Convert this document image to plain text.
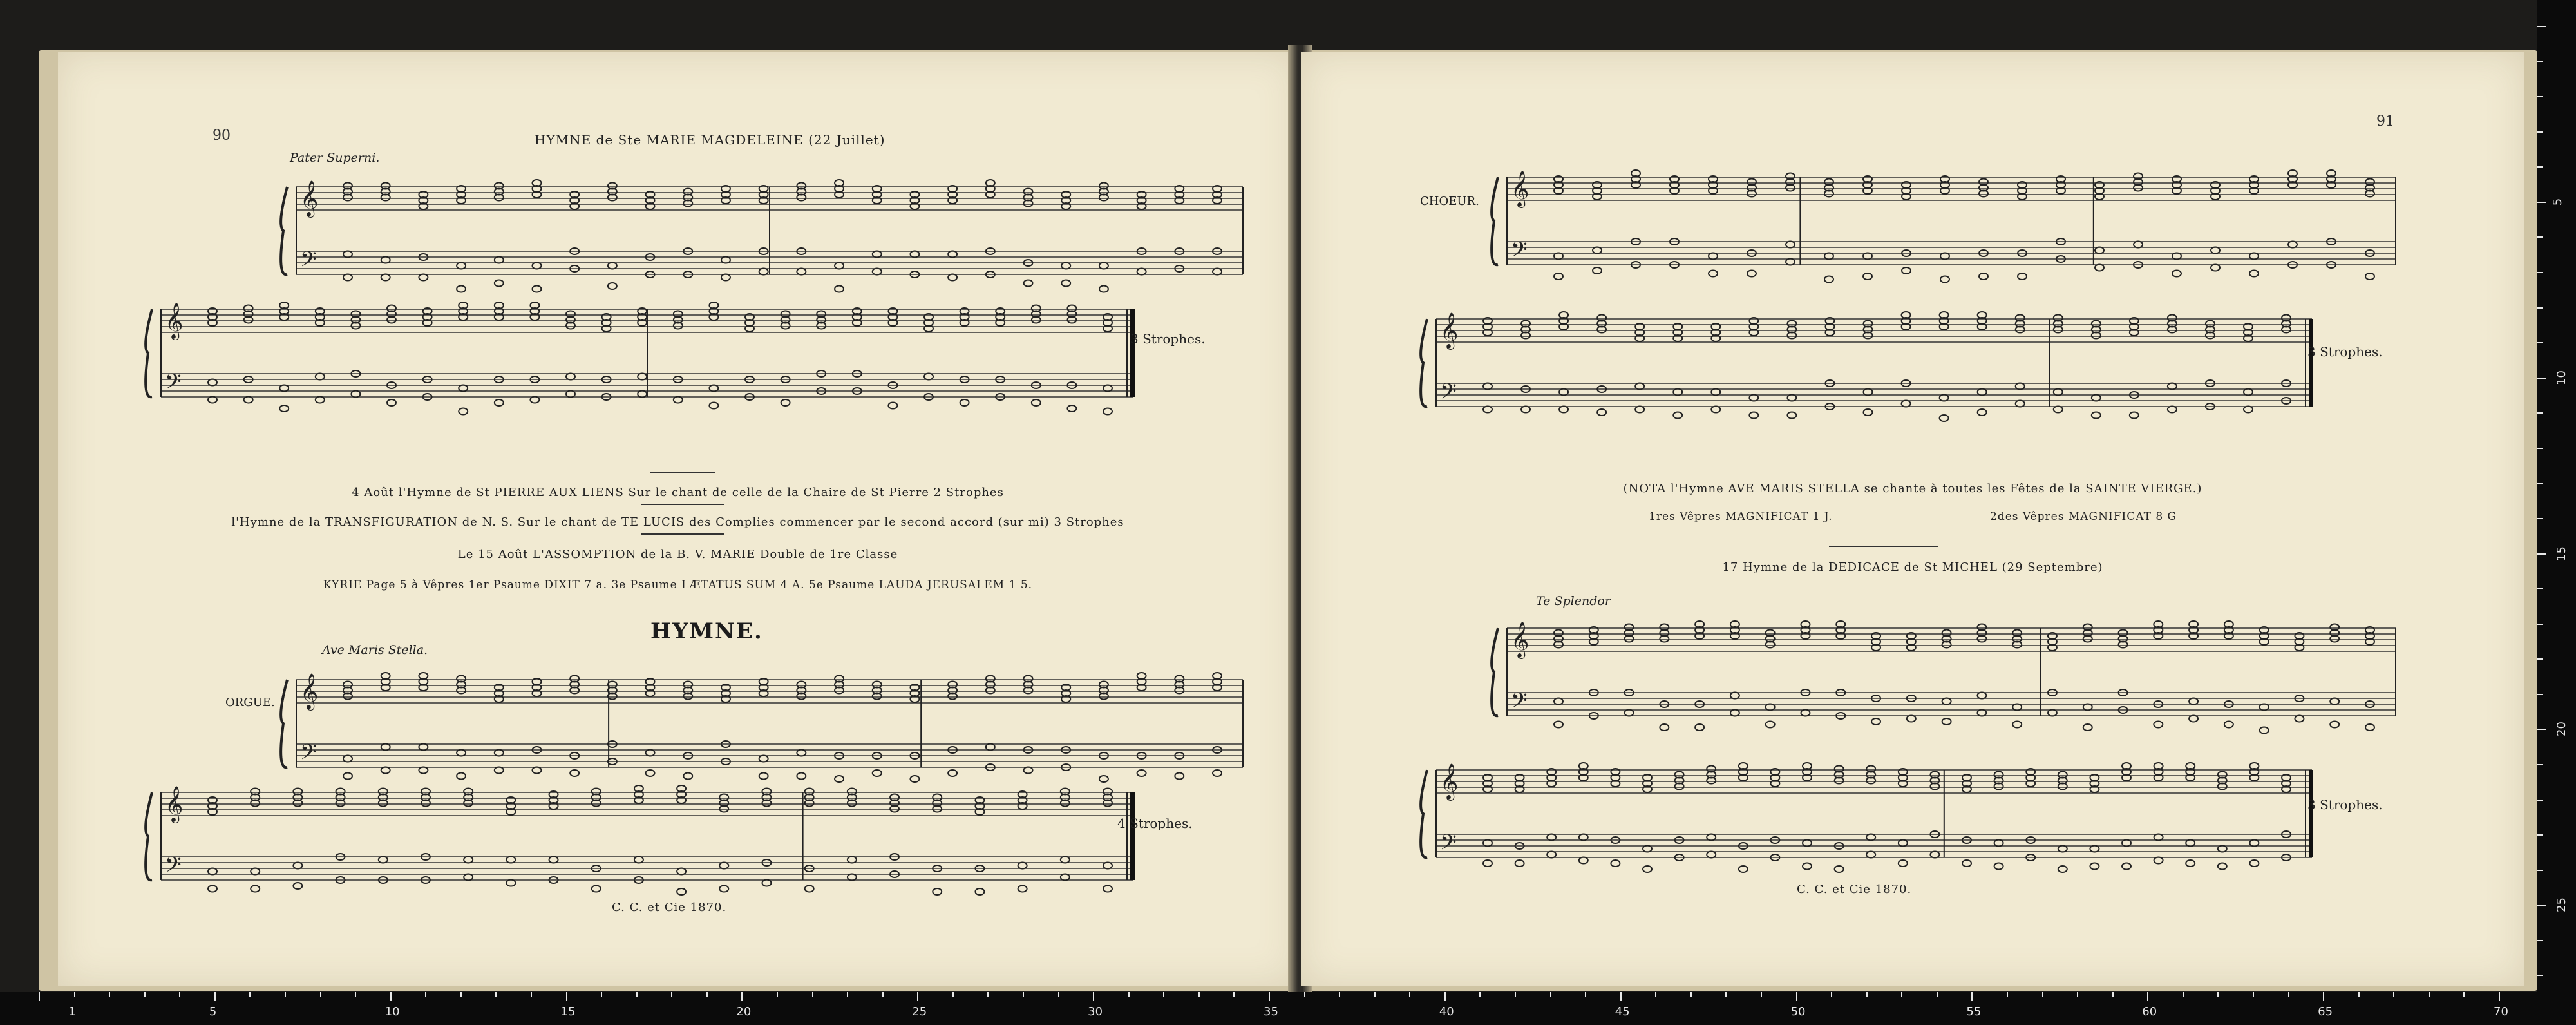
90	HYMNE de Ste MARIE MAGDELEINE (22 Juillet)
Pater Superni.
𝄞
𝄢
𝄞
𝄢
3 Strophes.
4 Août l'Hymne de St PIERRE AUX LIENS Sur le chant de celle de la Chaire de St Pierre 2 Strophes
l'Hymne de la TRANSFIGURATION de N. S. Sur le chant de TE LUCIS des Complies commencer par le second accord (sur mi) 3 Strophes
Le 15 Août L'ASSOMPTION de la B. V. MARIE Double de 1re Classe
KYRIE Page 5 à Vêpres 1er Psaume DIXIT 7 a. 3e Psaume LÆTATUS SUM 4 A. 5e Psaume LAUDA JERUSALEM 1 5.
HYMNE.
Ave Maris Stella.
ORGUE. 𝄞
𝄢
𝄞
𝄢
4 Strophes.
C. C. et Cie 1870.
91
CHOEUR. 𝄞
𝄢
𝄞
𝄢
3 Strophes.
(NOTA l'Hymne AVE MARIS STELLA se chante à toutes les Fêtes de la SAINTE VIERGE.)
1res Vêpres MAGNIFICAT 1 J.	2des Vêpres MAGNIFICAT 8 G
17 Hymne de la DEDICACE de St MICHEL (29 Septembre)
Te Splendor
𝄞
𝄢
𝄞
𝄢
3 Strophes.
C. C. et Cie 1870.
5
10
15
20
25
1	5	10	15	20	25	30	35	40	45	50	55	60	65	70
